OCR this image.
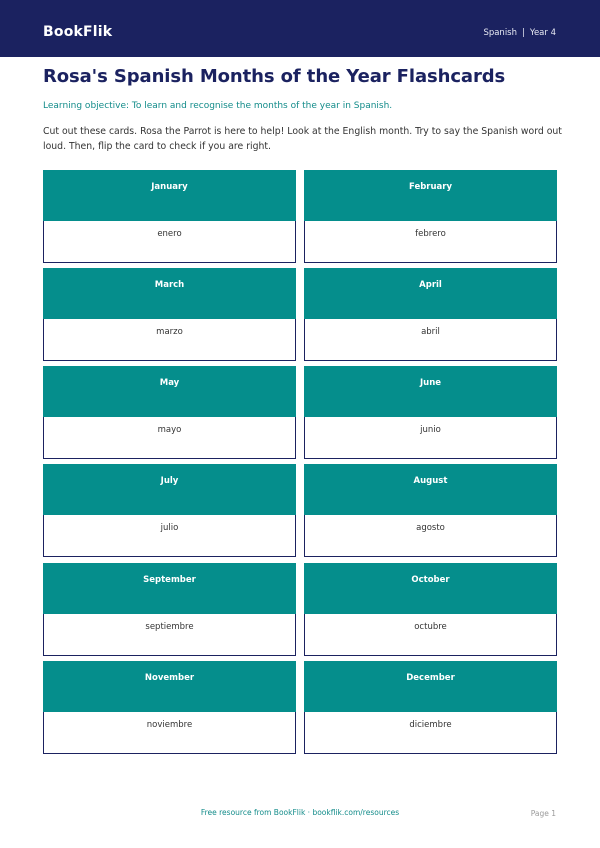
BookFlik	Spanish | Year 4
Rosa's Spanish Months of the Year Flashcards

Learning objective: To learn and recognise the months of the year in Spanish.

Cut out these cards. Rosa the Parrot is here to help! Look at the English month. Try to say the Spanish word out loud. Then, flip the card to check if you are right.

January
enero
February
febrero
March
marzo
April
abril
May
mayo
June
junio
July
julio
August
agosto
September
septiembre
October
octubre
November
noviembre
December
diciembre
Free resource from BookFlik · bookflik.com/resources	Page 1
